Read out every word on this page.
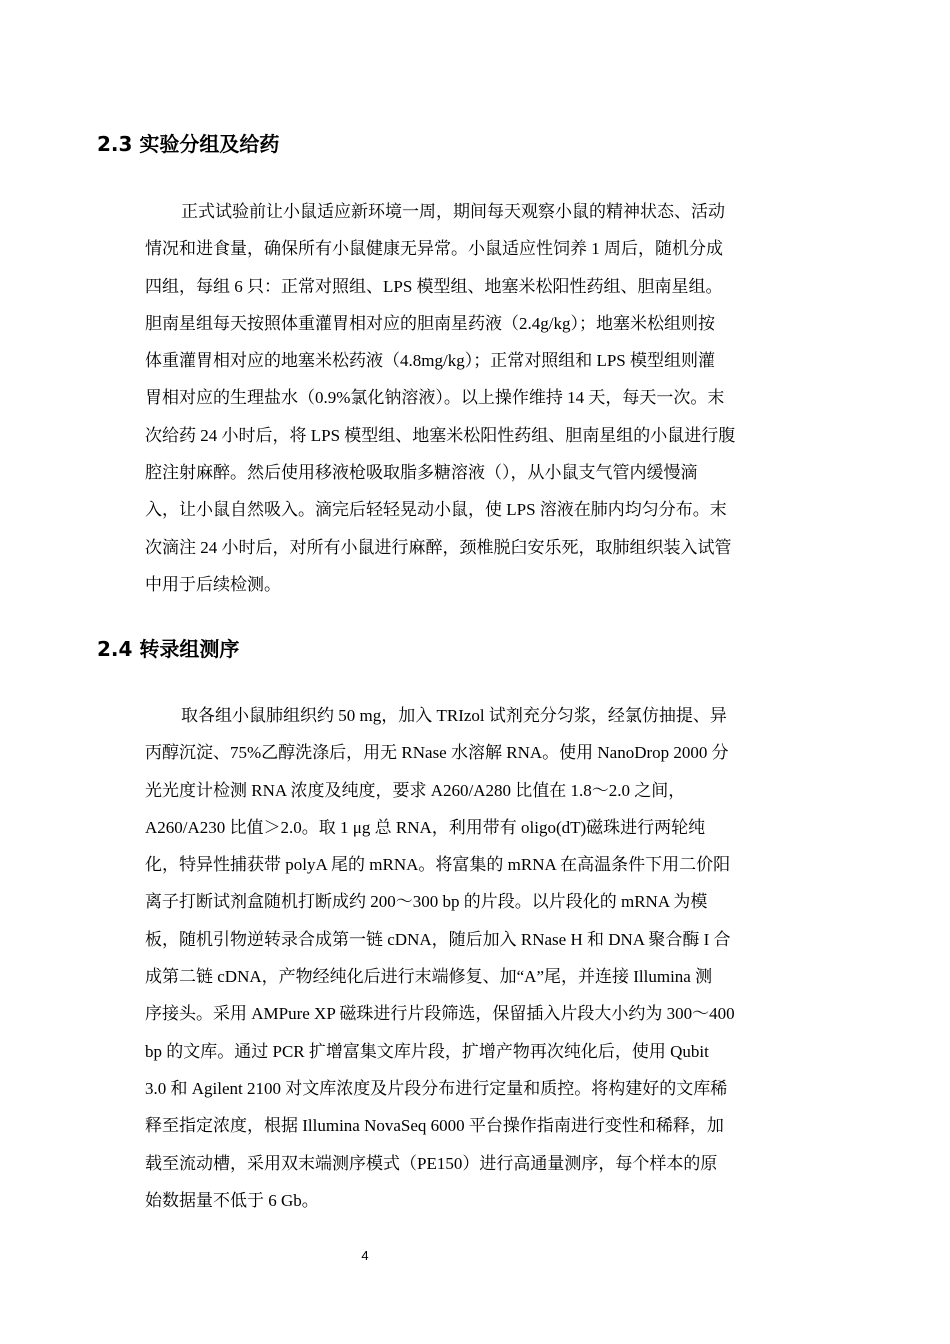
2.3 实验分组及给药
正式试验前让小鼠适应新环境一周，期间每天观察小鼠的精神状态、活动
情况和进食量，确保所有小鼠健康无异常。小鼠适应性饲养 1 周后，随机分成
四组，每组 6 只：正常对照组、LPS 模型组、地塞米松阳性药组、胆南星组。
胆南星组每天按照体重灌胃相对应的胆南星药液（2.4g/kg）；地塞米松组则按
体重灌胃相对应的地塞米松药液（4.8mg/kg）；正常对照组和 LPS 模型组则灌
胃相对应的生理盐水（0.9%氯化钠溶液）。以上操作维持 14 天，每天一次。末
次给药 24 小时后，将 LPS 模型组、地塞米松阳性药组、胆南星组的小鼠进行腹
腔注射麻醉。然后使用移液枪吸取脂多糖溶液（），从小鼠支气管内缓慢滴
入，让小鼠自然吸入。滴完后轻轻晃动小鼠，使 LPS 溶液在肺内均匀分布。末
次滴注 24 小时后，对所有小鼠进行麻醉，颈椎脱臼安乐死，取肺组织装入试管
中用于后续检测。
2.4 转录组测序
取各组小鼠肺组织约 50 mg，加入 TRIzol 试剂充分匀浆，经氯仿抽提、异
丙醇沉淀、75%乙醇洗涤后，用无 RNase 水溶解 RNA。使用 NanoDrop 2000 分
光光度计检测 RNA 浓度及纯度，要求 A260/A280 比值在 1.8～2.0 之间，
A260/A230 比值＞2.0。取 1 μg 总 RNA，利用带有 oligo(dT)磁珠进行两轮纯
化，特异性捕获带 polyA 尾的 mRNA。将富集的 mRNA 在高温条件下用二价阳
离子打断试剂盒随机打断成约 200～300 bp 的片段。以片段化的 mRNA 为模
板，随机引物逆转录合成第一链 cDNA，随后加入 RNase H 和 DNA 聚合酶 I 合
成第二链 cDNA，产物经纯化后进行末端修复、加“A”尾，并连接 Illumina 测
序接头。采用 AMPure XP 磁珠进行片段筛选，保留插入片段大小约为 300～400
bp 的文库。通过 PCR 扩增富集文库片段，扩增产物再次纯化后，使用 Qubit
3.0 和 Agilent 2100 对文库浓度及片段分布进行定量和质控。将构建好的文库稀
释至指定浓度，根据 Illumina NovaSeq 6000 平台操作指南进行变性和稀释，加
载至流动槽，采用双末端测序模式（PE150）进行高通量测序，每个样本的原
始数据量不低于 6 Gb。
4
